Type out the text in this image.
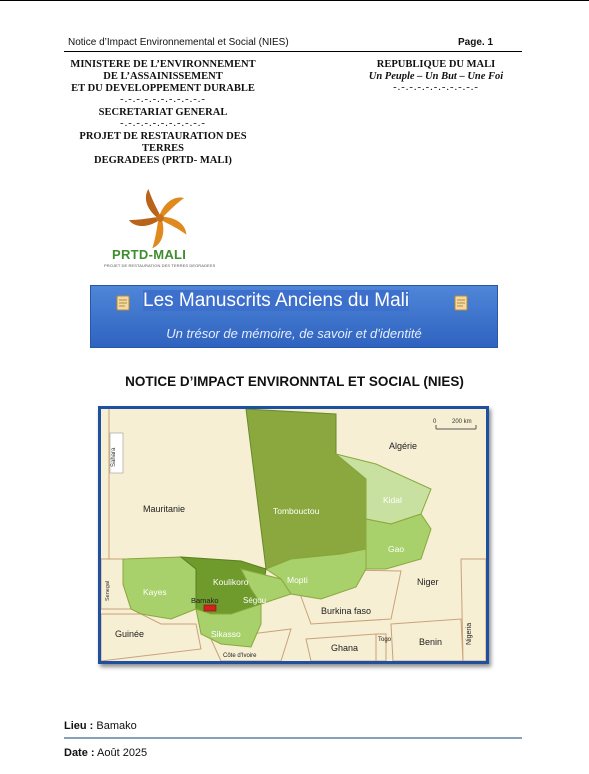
Notice d’Impact Environnemental et Social (NIES)	Page. 1
MINISTERE DE L’ENVIRONNEMENT
DE L’ASSAINISSEMENT
ET DU DEVELOPPEMENT DURABLE
-.-.-.-.-.-.-.-.-.-.-
SECRETARIAT GENERAL
-.-.-.-.-.-.-.-.-.-.-
PROJET DE RESTAURATION DES
TERRES
DEGRADEES (PRTD- MALI)
REPUBLIQUE DU MALI
Un Peuple – Un But – Une Foi
-.-.-.-.-.-.-.-.-.-.-
PRTD-MALI
PROJET DE RESTAURATION DES TERRES DEGRADEES
Les Manuscrits Anciens du Mali
Un trésor de mémoire, de savoir et d'identité
NOTICE D’IMPACT ENVIRONNTAL ET SOCIAL (NIES)
0	200 km
Sahara
Algérie
Mauritanie	Tombouctou
Kidal
Gao
Mopti	Niger
Kayes
Koulikoro
Bamako	Ségou
Senegal
Burkina faso
Guinée	Sikasso	Nigeria
Ghana
Togo	Benin
Côte d'Ivoire
Lieu : Bamako
Date : Août 2025
